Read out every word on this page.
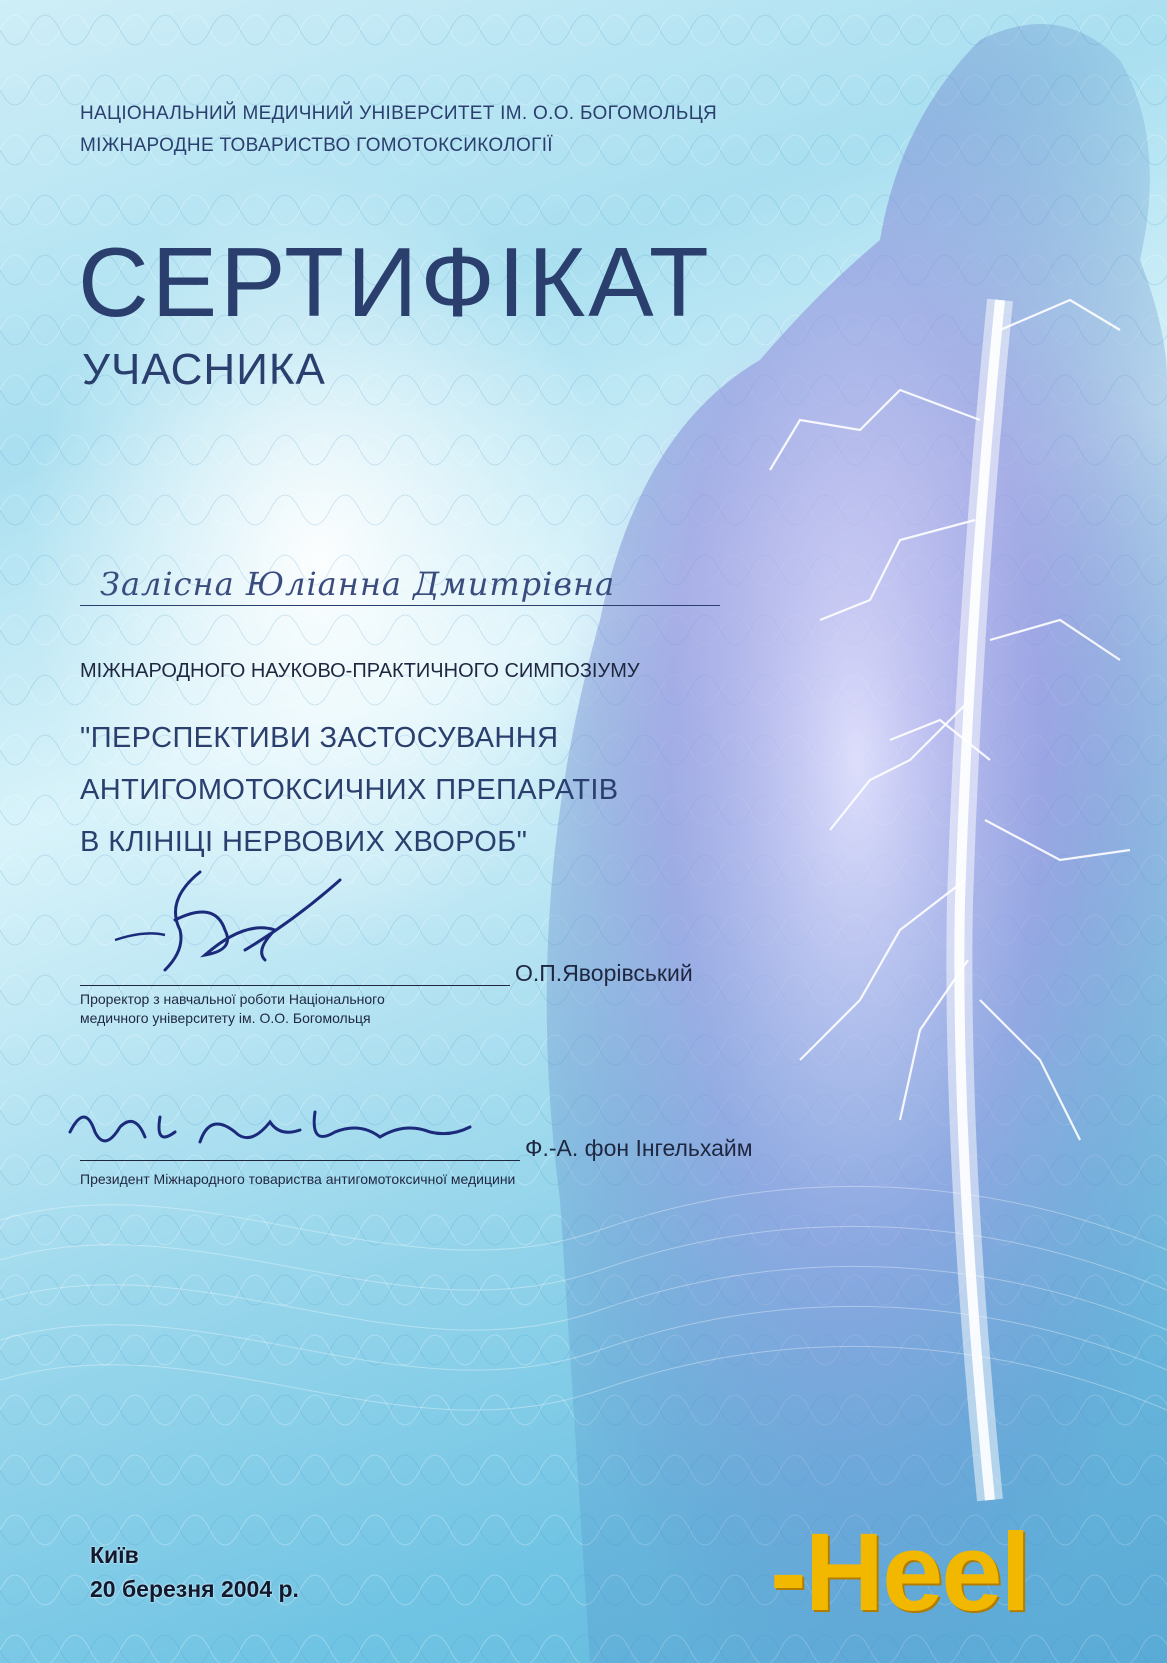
НАЦІОНАЛЬНИЙ МЕДИЧНИЙ УНІВЕРСИТЕТ ІМ. О.О. БОГОМОЛЬЦЯ
МІЖНАРОДНЕ ТОВАРИСТВО ГОМОТОКСИКОЛОГІЇ
СЕРТИФІКАТ
УЧАСНИКА
Залісна Юліанна Дмитрівна
МІЖНАРОДНОГО НАУКОВО-ПРАКТИЧНОГО СИМПОЗІУМУ
"ПЕРСПЕКТИВИ ЗАСТОСУВАННЯ
АНТИГОМОТОКСИЧНИХ ПРЕПАРАТІВ
В КЛІНІЦІ НЕРВОВИХ ХВОРОБ"
О.П.Яворівський
Проректор з навчальної роботи Національного
медичного університету ім. О.О. Богомольця
Ф.-А. фон Інгельхайм
Президент Міжнародного товариства антигомотоксичної медицини
Київ
20 березня 2004 р.	-Heel
